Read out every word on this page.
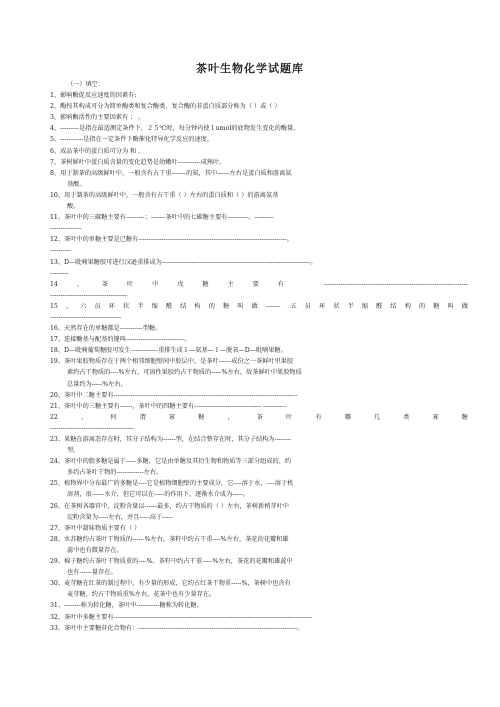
茶叶生物化学试题库
（一）填空：
1、影响酶促反应速度的因素有:
2、酶按其构成可分为简单酶类和复合酶类、复合酶的非蛋白质部分称为（ ）或（ ）
3、影响酶活性的主要因素有 ； 。
4、---------是指在最适测定条件下，２５℃时，每分钟内使１umol的底物发生变化的酶量。
5、-----------是指在一定条件下酶催化特异化学反应的速度。
6、成品茶中的蛋白质可分为 和 。
7、茶树鲜叶中蛋白质含量的变化趋势是幼嫩叶-----------成熟叶。
8、用于制茶的高级鲜叶中，一般含有占干重-------的氮，其中------左右是蛋白质和游离氨
基酸。
10、用于制茶的高级鲜叶中，一般含有占干重（ ）左右的蛋白质和（ ）的游离氨基
酸。
11、茶叶中的三碳糖主要有---------；-------茶叶中的七碳糖主要有----------。---------
---------------
12、茶叶中的单糖主要是已糖有-----------------------------------------------------------------------。
----------
13、D—吡喃果糖胶可进行汉逊重排成为-----------------------------------------------------------------------。
---------
14、茶叶中戊糖主要有 ---------------------------------------------------------------------
-------------------------------------
15、六员环状半缩醛结构的糖叫做------- 五员环状半缩醛结构的糖叫做
----------------------------------
16、天然存在的单糖都是-----------型糖。
17、连接醣基与配基的键叫----------------------------。
18、D—吡喃葡萄糖胶可发生-------------重排生成１—氨基—１—脱氧—D—吡喃果糖。
19、茶叶果胶物质存在于两个相邻细胞壁间中胶层中，是茶叶------成份之一茶鲜叶里果胶
素约占干物质的----%左右，可溶性果胶约占干物质的-----%左右，故茶鲜叶中果胶物质
总量约为-----%左右。
20、茶叶中二糖主要有----------------------------------------------------------------------------------------
21、茶叶中的三糖主要有------，茶叶中的四糖主要有-------------------------------- -----------
22、何谓寡糖，茶叶有哪几类寡糖
----------------------------------------
23、果糖在游离态存在时，其分子结构为------型，在结合整存在时，其分子结构为--------
型。
24、茶叶中的脂多糖是属于-----多糖，它是由单糖及其衍生物和物质等三部分组成的，约
多约占茶叶干物的-------------左右。
25、植物界中分布最广的多糖是----它是植物细胞壁的主要成分，它----溶于水，----溶于机
溶剂，很------水介，但它可以在-----的作用下，逐渐水介成为-----。
26、在茶树各器官中，淀粉含量以------最多，约占干物质的（ ）左右，茶树新梢芽叶中
淀粉含量为-----左右，并且-----高于-----
27、茶叶中甜味物质主要有（ ）
28、水苏糖约占茶叶干物质的------%左右，茶籽中约占干重----%左右，茶花的花瓣和雄
蕊中也有微量存在。
29、棉子糖约占茶叶干物质重的----%、茶籽中约占干重-----%左右，茶花的花瓣和雄蕊中
也有------量存在。
30、麦芽糖在红茶的制过程中，有少量的形成，它约占红茶干物重-----%，茶树中也含有
麦芽糖，约占干物质重%左右，花茶中也有少量存在。
31、--------称为转化糖，茶叶中-----------糖称为转化糖。
32、茶叶中多糖主要有-----------------------------------------------------------------------------------------------
33、茶叶中主要糖苷化合物有：----------------------------------------------------------------------------。
